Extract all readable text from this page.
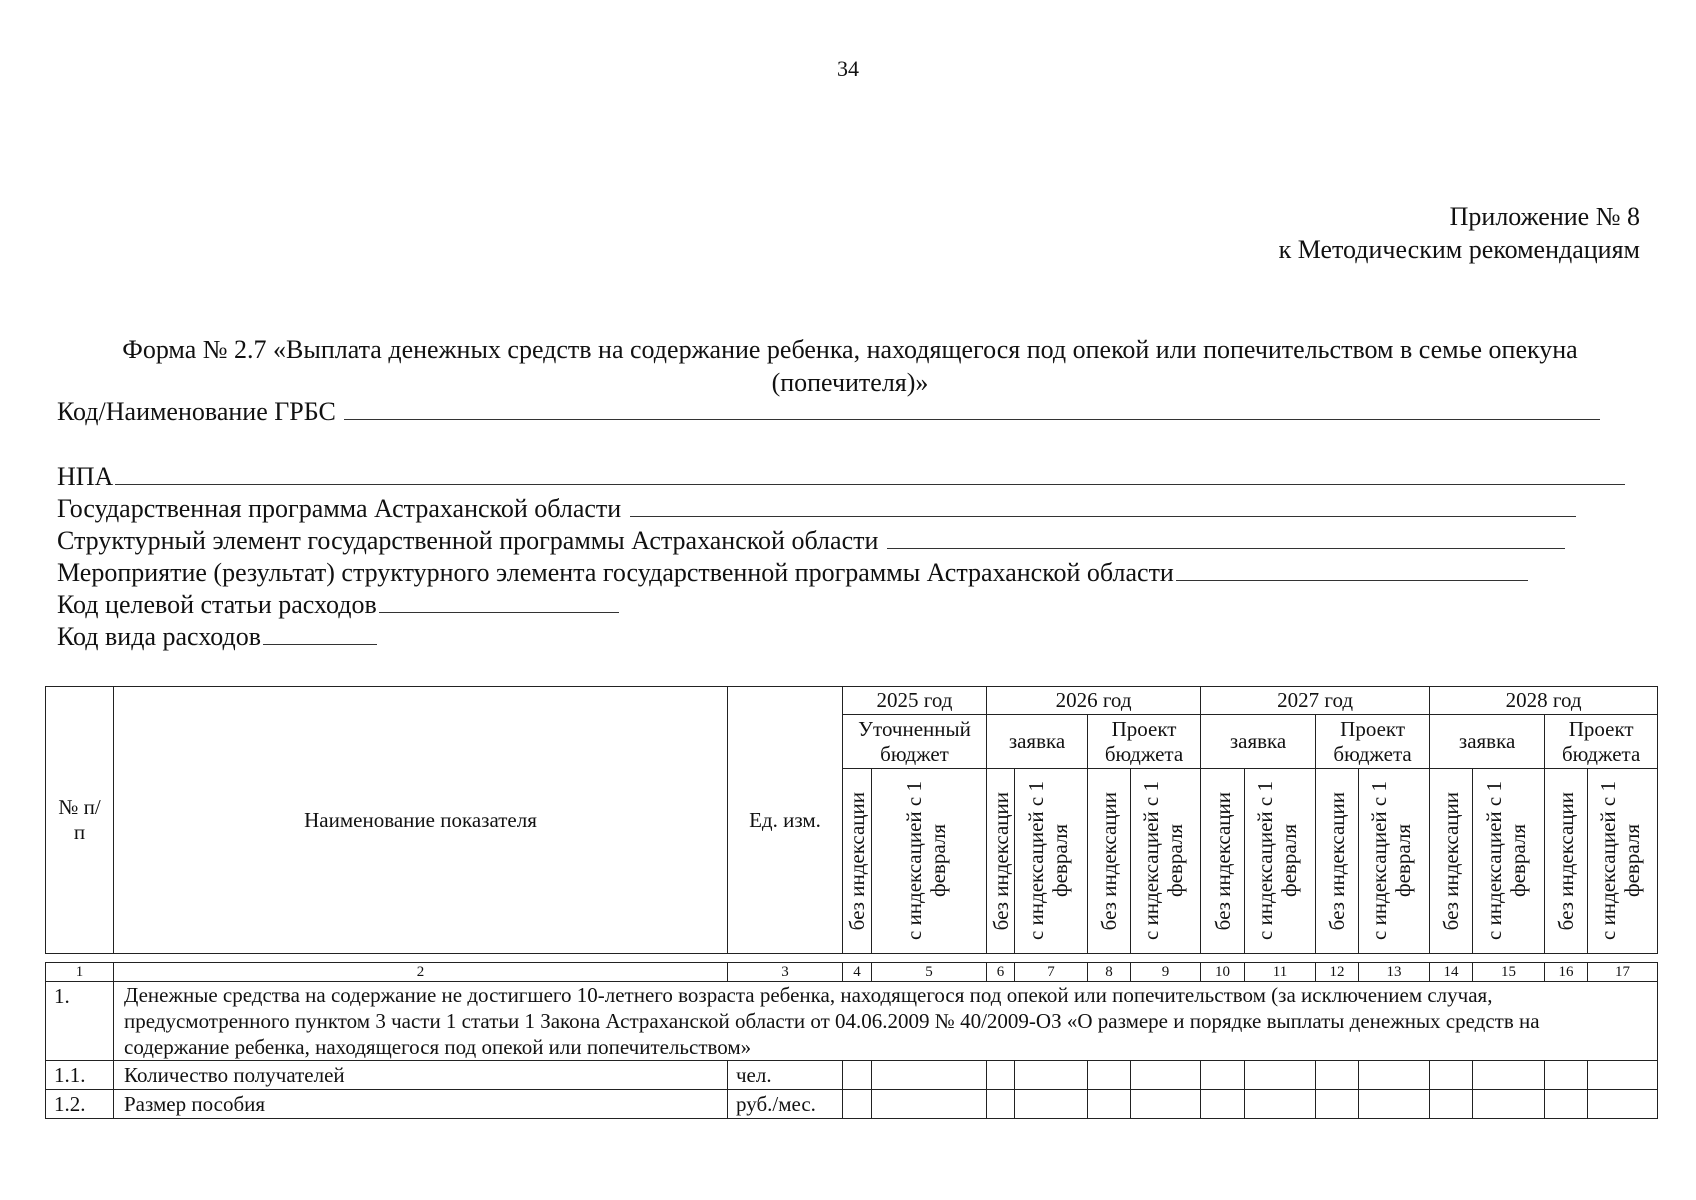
34
Приложение № 8
к Методическим рекомендациям
Форма № 2.7 «Выплата денежных средств на содержание ребенка, находящегося под опекой или попечительством в семье опекуна (попечителя)»
Код/Наименование ГРБС
НПА
Государственная программа Астраханской области
Структурный элемент государственной программы Астраханской области
Мероприятие (результат) структурного элемента государственной программы Астраханской области
Код целевой статьи расходов
Код вида расходов
№ п/п	Наименование показателя	Ед. изм.	2025 год		2026 год				2027 год				2028 год			
			Уточненный бюджет		заявка		Проект бюджета		заявка		Проект бюджета		заявка		Проект бюджета	

			без индексации	с индексацией с 1 февраля	без индексации	с индексацией с 1 февраля	без индексации	с индексацией с 1 февраля	без индексации	с индексацией с 1 февраля	без индексации	с индексацией с 1 февраля	без индексации	с индексацией с 1 февраля	без индексации	с индексацией с 1 февраля
1	2	3	4	5	6	7	8	9	10	11	12	13	14	15	16	17
1.	Денежные средства на содержание не достигшего 10-летнего возраста ребенка, находящегося под опекой или попечительством (за исключением случая, предусмотренного пунктом 3 части 1 статьи 1 Закона Астраханской области от 04.06.2009 № 40/2009-ОЗ «О размере и порядке выплаты денежных средств на содержание ребенка, находящегося под опекой или попечительством»															
1.1.	Количество получателей	чел.														
1.2.	Размер пособия	руб./мес.														
